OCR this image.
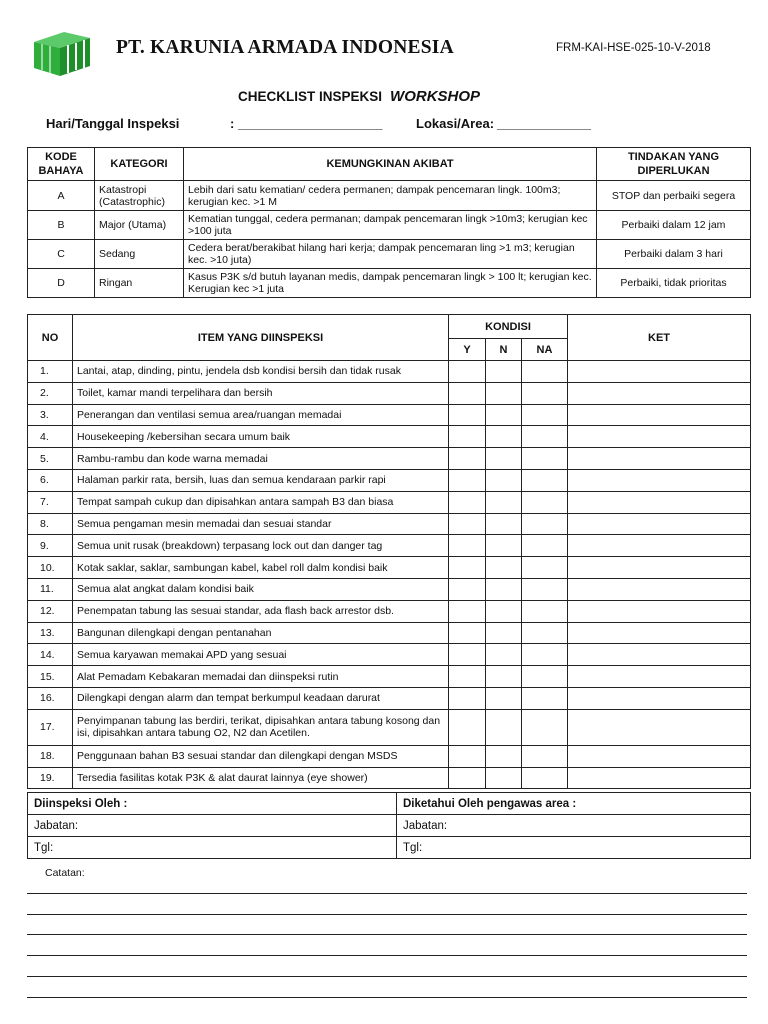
PT. KARUNIA ARMADA INDONESIA	FRM-KAI-HSE-025-10-V-2018
CHECKLIST INSPEKSI WORKSHOP
Hari/Tanggal Inspeksi	: ____________________	Lokasi/Area: _____________
KODE BAHAYA	KATEGORI	KEMUNGKINAN AKIBAT	TINDAKAN YANG DIPERLUKAN
A	Katastropi (Catastrophic)	Lebih dari satu kematian/ cedera permanen; dampak pencemaran lingk. 100m3; kerugian kec. >1 M	STOP dan perbaiki segera
B	Major (Utama)	Kematian tunggal, cedera permanan; dampak pencemaran lingk >10m3; kerugian kec >100 juta	Perbaiki dalam 12 jam
C	Sedang	Cedera berat/berakibat hilang hari kerja; dampak pencemaran ling >1 m3; kerugian kec. >10 juta)	Perbaiki dalam 3 hari
D	Ringan	Kasus P3K s/d butuh layanan medis, dampak pencemaran lingk > 100 lt; kerugian kec. Kerugian kec >1 juta	Perbaiki, tidak prioritas
NO	ITEM YANG DIINSPEKSI	KONDISI			KET
		Y	N	NA	
1.	Lantai, atap, dinding, pintu, jendela dsb kondisi bersih dan tidak rusak				
2.	Toilet, kamar mandi terpelihara dan bersih				
3.	Penerangan dan ventilasi semua area/ruangan memadai				
4.	Housekeeping /kebersihan secara umum baik				
5.	Rambu-rambu dan kode warna memadai				
6.	Halaman parkir rata, bersih, luas dan semua kendaraan parkir rapi				
7.	Tempat sampah cukup dan dipisahkan antara sampah B3 dan biasa				
8.	Semua pengaman mesin memadai dan sesuai standar				
9.	Semua unit rusak (breakdown) terpasang lock out dan danger tag				
10.	Kotak saklar, saklar, sambungan kabel, kabel roll dalm kondisi baik				
11.	Semua alat angkat dalam kondisi baik				
12.	Penempatan tabung las sesuai standar, ada flash back arrestor dsb.				
13.	Bangunan dilengkapi dengan pentanahan				
14.	Semua karyawan memakai APD yang sesuai				
15.	Alat Pemadam Kebakaran memadai dan diinspeksi rutin				
16.	Dilengkapi dengan alarm dan tempat berkumpul keadaan darurat				
17.	Penyimpanan tabung las berdiri, terikat, dipisahkan antara tabung kosong dan isi, dipisahkan antara tabung O2, N2 dan Acetilen.				
18.	Penggunaan bahan B3 sesuai standar dan dilengkapi dengan MSDS				
19.	Tersedia fasilitas kotak P3K & alat daurat lainnya (eye shower)				
Diinspeksi Oleh :	Diketahui Oleh pengawas area :
Jabatan:	Jabatan:
Tgl:	Tgl:
Catatan:
